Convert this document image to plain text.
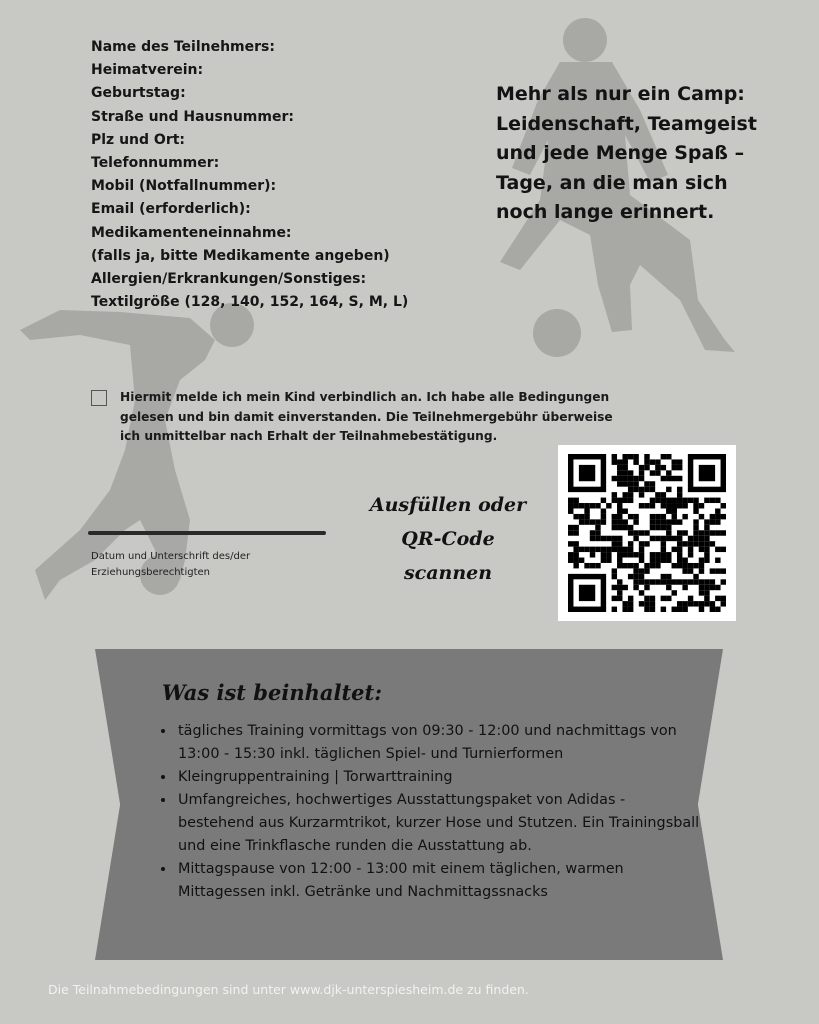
Name des Teilnehmers:
Heimatverein:
Geburtstag:
Straße und Hausnummer:
Plz und Ort:
Telefonnummer:
Mobil (Notfallnummer):
Email (erforderlich):
Medikamenteneinnahme:
(falls ja, bitte Medikamente angeben)
Allergien/Erkrankungen/Sonstiges:
Textilgröße (128, 140, 152, 164, S, M, L)

Mehr als nur ein Camp: Leidenschaft, Teamgeist und jede Menge Spaß – Tage, an die man sich noch lange erinnert.

Hiermit melde ich mein Kind verbindlich an. Ich habe alle Bedingungen gelesen und bin damit einverstanden. Die Teilnehmergebühr überweise ich unmittelbar nach Erhalt der Teilnahmebestätigung.
Datum und Unterschrift des/der
Erziehungsberechtigten
Ausfüllen oder
QR-Code
scannen
Was ist beinhaltet:
• tägliches Training vormittags von 09:30 - 12:00 und nachmittags von 13:00 - 15:30 inkl. täglichen Spiel- und Turnierformen
• Kleingruppentraining | Torwarttraining
• Umfangreiches, hochwertiges Ausstattungspaket von Adidas - bestehend aus Kurzarmtrikot, kurzer Hose und Stutzen. Ein Trainingsball und eine Trinkflasche runden die Ausstattung ab.
• Mittagspause von 12:00 - 13:00 mit einem täglichen, warmen Mittagessen inkl. Getränke und Nachmittagssnacks
Die Teilnahmebedingungen sind unter www.djk-unterspiesheim.de zu finden.
